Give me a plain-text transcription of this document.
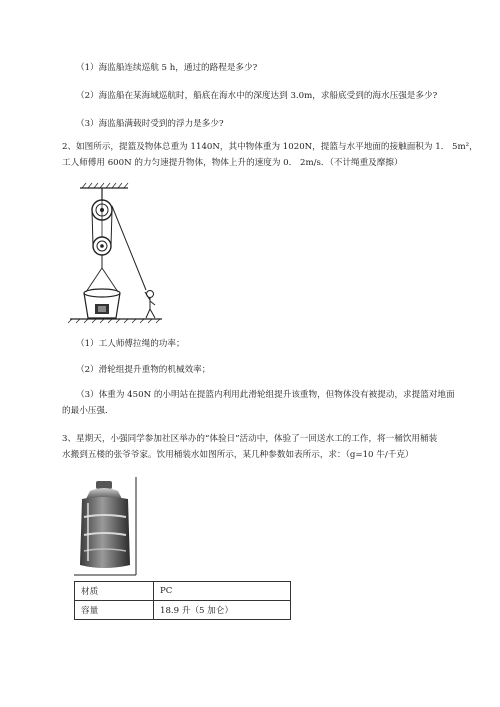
（1）海监船连续巡航 5 h，通过的路程是多少?
（2）海监船在某海域巡航时，船底在海水中的深度达到 3.0m，求船底受到的海水压强是多少?
（3）海监船满载时受到的浮力是多少?
2、如图所示，提篮及物体总重为 1140N，其中物体重为 1020N，提篮与水平地面的接触面积为 1． 5m²，
工人师傅用 600N 的力匀速提升物体，物体上升的速度为 0． 2m/s．（不计绳重及摩擦）
（1）工人师傅拉绳的功率；
（2）滑轮组提升重物的机械效率；
（3）体重为 450N 的小明站在提篮内利用此滑轮组提升该重物，但物体没有被提动，求提篮对地面
的最小压强．
3、星期天，小强同学参加社区举办的“体验日”活动中，体验了一回送水工的工作，将一桶饮用桶装
水搬到五楼的张爷爷家。饮用桶装水如图所示，某几种参数如表所示，求：（g=10 牛/千克）
材质	PC
容量	18.9 升（5 加仑）
